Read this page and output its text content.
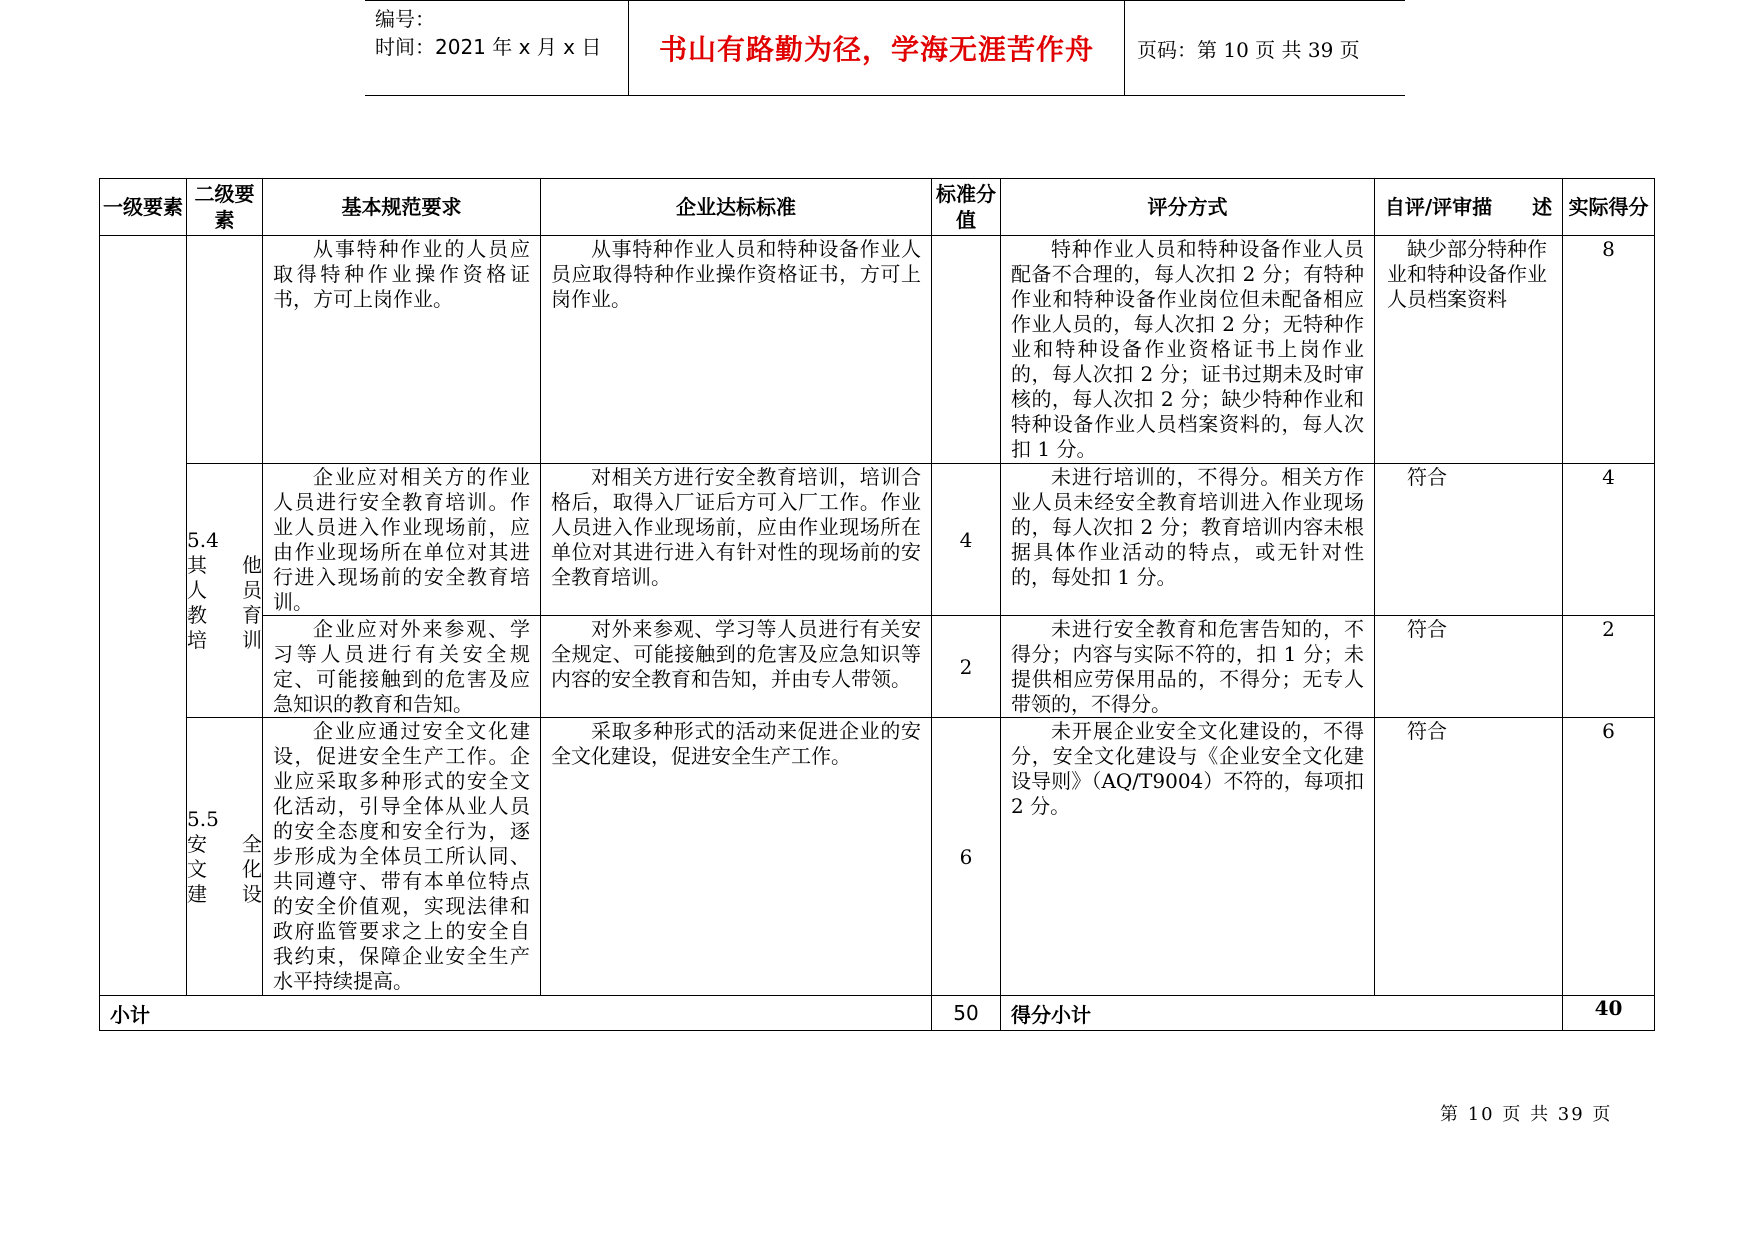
编号：
时间：2021 年 x 月 x 日	书山有路勤为径，学海无涯苦作舟	页码：第 10 页 共 39 页
一级要素	二级要素	基本规范要求	企业达标标准	标准分值	评分方式	自评/评审描　　述	实际得分

		从事特种作业的人员应取得特种作业操作资格证书，方可上岗作业。	从事特种作业人员和特种设备作业人员应取得特种作业操作资格证书，方可上岗作业。		特种作业人员和特种设备作业人员配备不合理的，每人次扣 2 分；有特种作业和特种设备作业岗位但未配备相应作业人员的，每人次扣 2 分；无特种作业和特种设备作业资格证书上岗作业的，每人次扣 2 分；证书过期未及时审核的，每人次扣 2 分；缺少特种作业和特种设备作业人员档案资料的，每人次扣 1 分。	缺少部分特种作业和特种设备作业人员档案资料	8

	5.4
其他
人员
教育
培训	企业应对相关方的作业人员进行安全教育培训。作业人员进入作业现场前，应由作业现场所在单位对其进行进入现场前的安全教育培训。	对相关方进行安全教育培训，培训合格后，取得入厂证后方可入厂工作。作业人员进入作业现场前，应由作业现场所在单位对其进行进入有针对性的现场前的安全教育培训。	4	未进行培训的，不得分。相关方作业人员未经安全教育培训进入作业现场的，每人次扣 2 分；教育培训内容未根据具体作业活动的特点，或无针对性的，每处扣 1 分。	符合	4

		企业应对外来参观、学习等人员进行有关安全规定、可能接触到的危害及应急知识的教育和告知。	对外来参观、学习等人员进行有关安全规定、可能接触到的危害及应急知识等内容的安全教育和告知，并由专人带领。	2	未进行安全教育和危害告知的，不得分；内容与实际不符的，扣 1 分；未提供相应劳保用品的，不得分；无专人带领的，不得分。	符合	2

	5.5
安全
文化
建设	企业应通过安全文化建设，促进安全生产工作。企业应采取多种形式的安全文化活动，引导全体从业人员的安全态度和安全行为，逐步形成为全体员工所认同、共同遵守、带有本单位特点的安全价值观，实现法律和政府监管要求之上的安全自我约束，保障企业安全生产水平持续提高。	采取多种形式的活动来促进企业的安全文化建设，促进安全生产工作。	6	未开展企业安全文化建设的，不得分，安全文化建设与《企业安全文化建设导则》（AQ/T9004）不符的，每项扣 2 分。	符合	6

小计				50	得分小计		40
第 10 页 共 39 页
